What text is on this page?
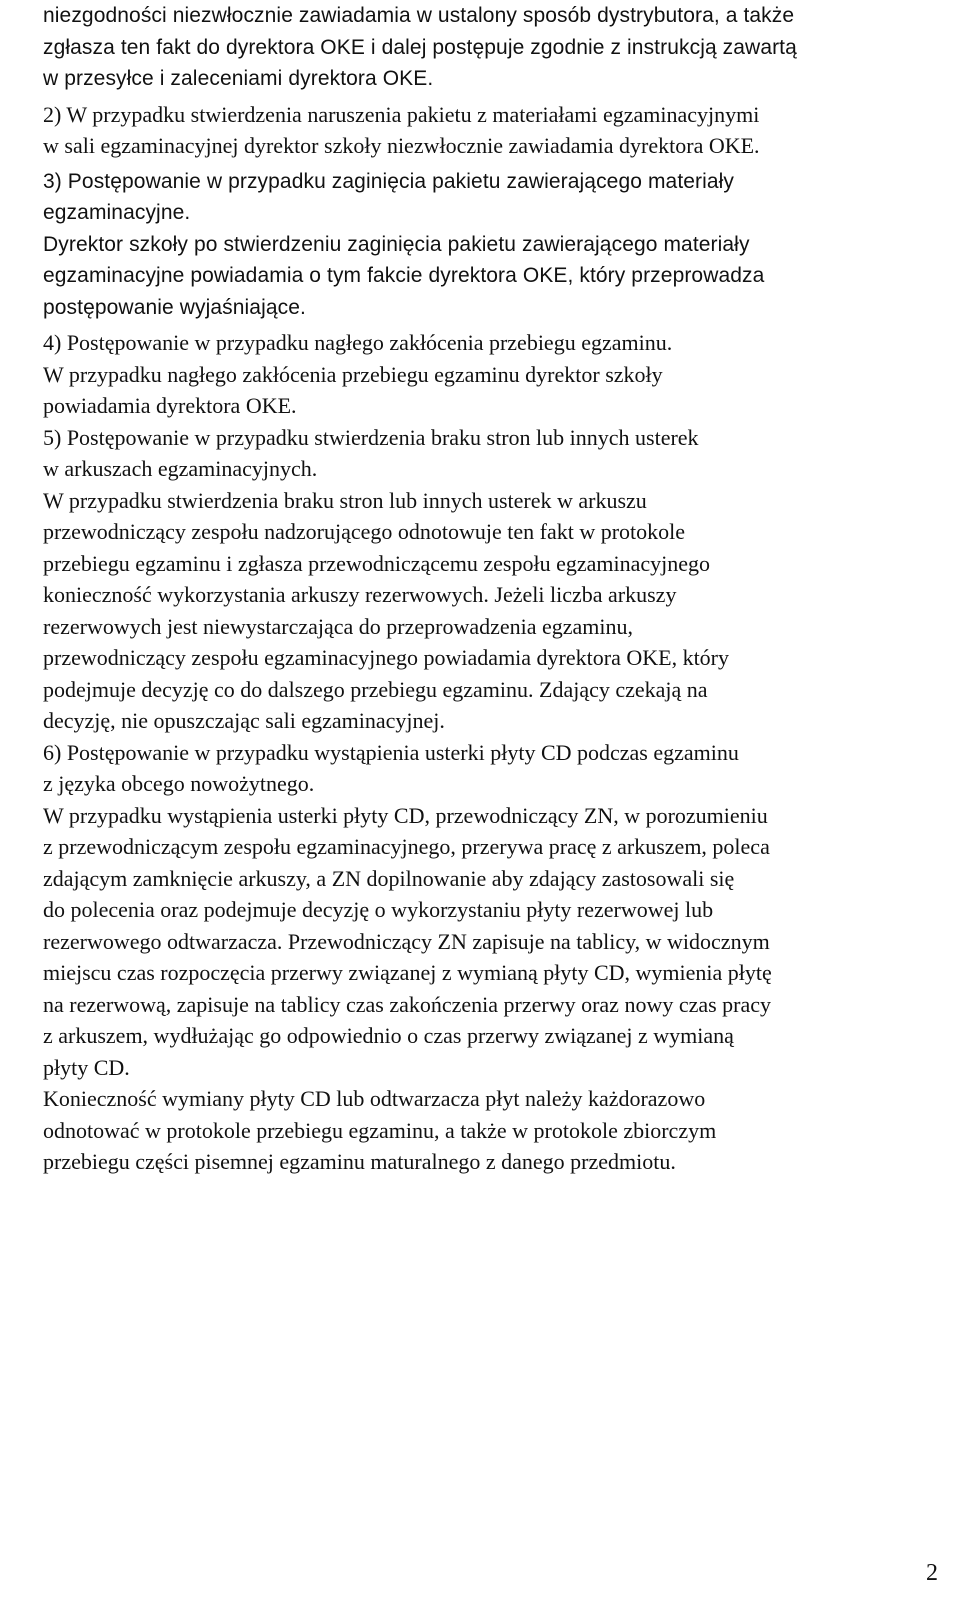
niezgodności niezwłocznie zawiadamia w ustalony sposób dystrybutora, a także
zgłasza ten fakt do dyrektora OKE i dalej postępuje zgodnie z instrukcją zawartą
w przesyłce i zaleceniami dyrektora OKE.
2) W przypadku stwierdzenia naruszenia pakietu z materiałami egzaminacyjnymi
w sali egzaminacyjnej dyrektor szkoły niezwłocznie zawiadamia dyrektora OKE.
3) Postępowanie w przypadku zaginięcia pakietu zawierającego materiały
egzaminacyjne.
Dyrektor szkoły po stwierdzeniu zaginięcia pakietu zawierającego materiały
egzaminacyjne powiadamia o tym fakcie dyrektora OKE, który przeprowadza
postępowanie wyjaśniające.
4) Postępowanie w przypadku nagłego zakłócenia przebiegu egzaminu.
W przypadku nagłego zakłócenia przebiegu egzaminu dyrektor szkoły
powiadamia dyrektora OKE.
5) Postępowanie w przypadku stwierdzenia braku stron lub innych usterek
w arkuszach egzaminacyjnych.
W przypadku stwierdzenia braku stron lub innych usterek w arkuszu
przewodniczący zespołu nadzorującego odnotowuje ten fakt w protokole
przebiegu egzaminu i zgłasza przewodniczącemu zespołu egzaminacyjnego
konieczność wykorzystania arkuszy rezerwowych. Jeżeli liczba arkuszy
rezerwowych jest niewystarczająca do przeprowadzenia egzaminu,
przewodniczący zespołu egzaminacyjnego powiadamia dyrektora OKE, który
podejmuje decyzję co do dalszego przebiegu egzaminu. Zdający czekają na
decyzję, nie opuszczając sali egzaminacyjnej.
6) Postępowanie w przypadku wystąpienia usterki płyty CD podczas egzaminu
z języka obcego nowożytnego.
W przypadku wystąpienia usterki płyty CD, przewodniczący ZN, w porozumieniu
z przewodniczącym zespołu egzaminacyjnego, przerywa pracę z arkuszem, poleca
zdającym zamknięcie arkuszy, a ZN dopilnowanie aby zdający zastosowali się
do polecenia oraz podejmuje decyzję o wykorzystaniu płyty rezerwowej lub
rezerwowego odtwarzacza. Przewodniczący ZN zapisuje na tablicy, w widocznym
miejscu czas rozpoczęcia przerwy związanej z wymianą płyty CD, wymienia płytę
na rezerwową, zapisuje na tablicy czas zakończenia przerwy oraz nowy czas pracy
z arkuszem, wydłużając go odpowiednio o czas przerwy związanej z wymianą
płyty CD.
Konieczność wymiany płyty CD lub odtwarzacza płyt należy każdorazowo
odnotować w protokole przebiegu egzaminu, a także w protokole zbiorczym
przebiegu części pisemnej egzaminu maturalnego z danego przedmiotu.
2
